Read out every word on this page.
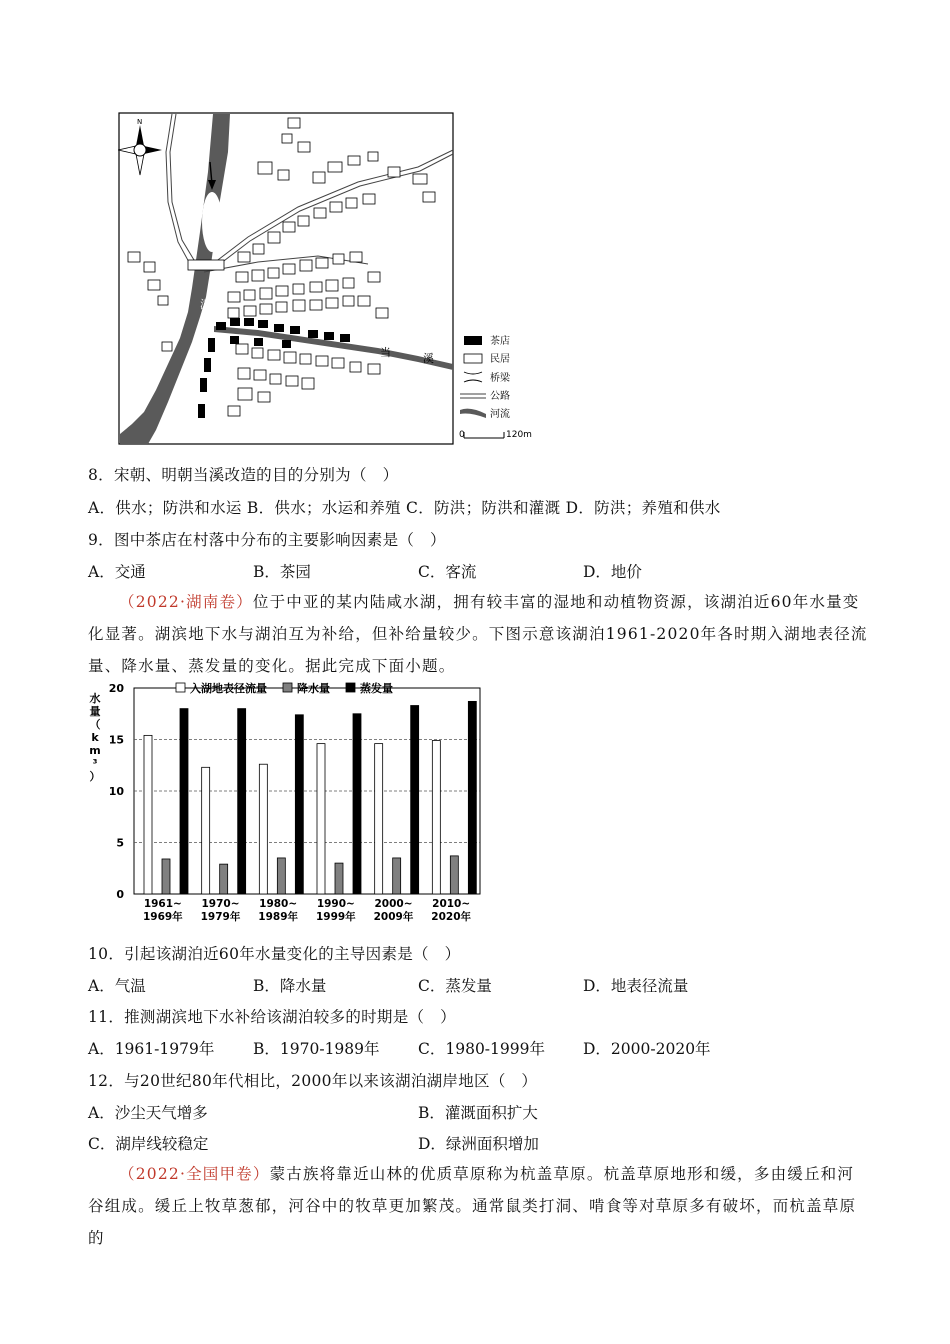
N
梅
溪
当	溪
茶店
民居
桥梁
公路
河流
0	120m
8．宋朝、明朝当溪改造的目的分别为（　）
A．供水；防洪和水运 B．供水；水运和养殖 C．防洪；防洪和灌溉 D．防洪；养殖和供水
9．图中茶店在村落中分布的主要影响因素是（　）
A．交通	B．茶园	C．客流	D．地价
（2022·湖南卷）位于中亚的某内陆咸水湖，拥有较丰富的湿地和动植物资源，该湖泊近60年水量变化显著。湖滨地下水与湖泊互为补给，但补给量较少。下图示意该湖泊1961-2020年各时期入湖地表径流量、降水量、蒸发量的变化。据此完成下面小题。
0
5
10
15
20
水
量
（
k
m
³
）
入湖地表径流量	降水量	蒸发量
1961~
1969年
1970~
1979年
1980~
1989年
1990~
1999年
2000~
2009年
2010~
2020年
10．引起该湖泊近60年水量变化的主导因素是（　）
A．气温	B．降水量	C．蒸发量	D．地表径流量
11．推测湖滨地下水补给该湖泊较多的时期是（　）
A．1961-1979年 B．1970-1989年 C．1980-1999年 D．2000-2020年
12．与20世纪80年代相比，2000年以来该湖泊湖岸地区（　）
A．沙尘天气增多	B．灌溉面积扩大
C．湖岸线较稳定	D．绿洲面积增加
（2022·全国甲卷）蒙古族将靠近山林的优质草原称为杭盖草原。杭盖草原地形和缓，多由缓丘和河谷组成。缓丘上牧草葱郁，河谷中的牧草更加繁茂。通常鼠类打洞、啃食等对草原多有破坏，而杭盖草原的
